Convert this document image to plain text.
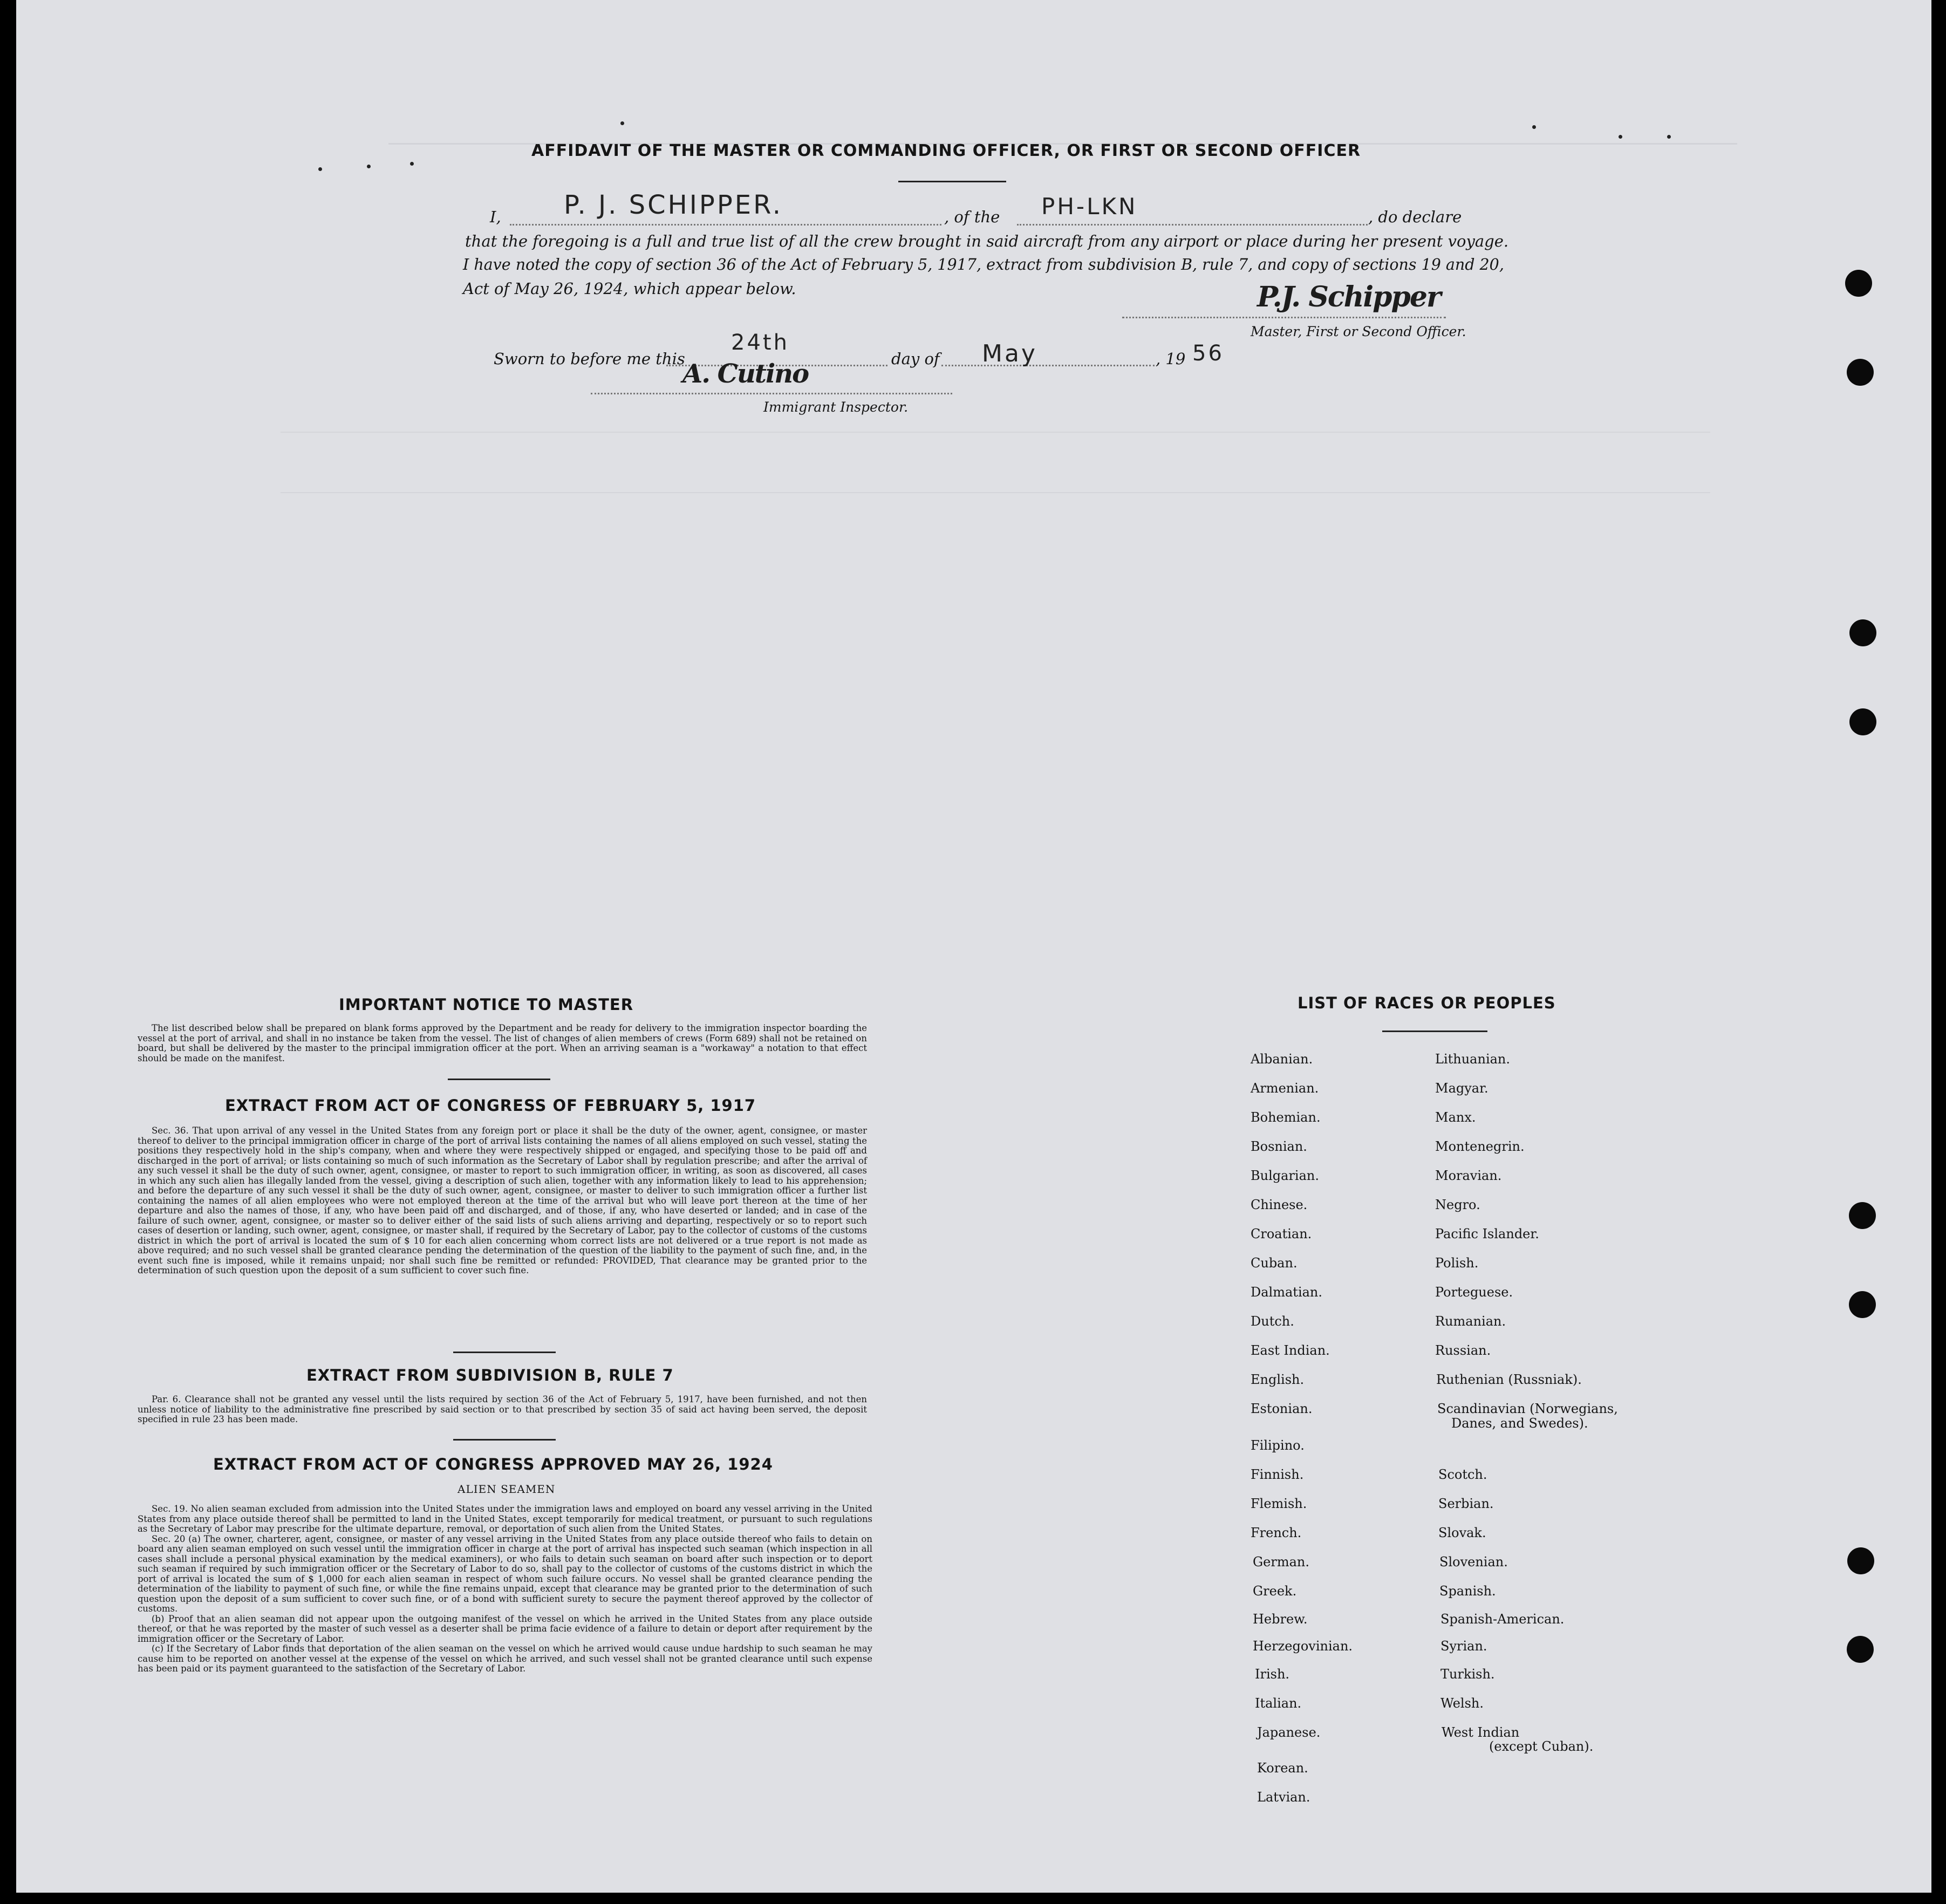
AFFIDAVIT OF THE MASTER OR COMMANDING OFFICER, OR FIRST OR SECOND OFFICER
I, P. J. SCHIPPER.	, of the PH-LKN	, do declare
that the foregoing is a full and true list of all the crew brought in said aircraft from any airport or place during her present voyage.
I have noted the copy of section 36 of the Act of February 5, 1917, extract from subdivision B, rule 7, and copy of sections 19 and 20,
Act of May 26, 1924, which appear below.	P.J. Schipper
Master, First or Second Officer.
Sworn to before me this
24th
day of May	, 19 56
A. Cutino
Immigrant Inspector.
IMPORTANT NOTICE TO MASTER
The list described below shall be prepared on blank forms approved by the Department and be ready for delivery to the immigration inspector boarding the vessel at the port of arrival, and shall in no instance be taken from the vessel. The list of changes of alien members of crews (Form 689) shall not be retained on board, but shall be delivered by the master to the principal immigration officer at the port. When an arriving seaman is a "workaway" a notation to that effect should be made on the manifest.
EXTRACT FROM ACT OF CONGRESS OF FEBRUARY 5, 1917
Sec. 36. That upon arrival of any vessel in the United States from any foreign port or place it shall be the duty of the owner, agent, consignee, or master thereof to deliver to the principal immigration officer in charge of the port of arrival lists containing the names of all aliens employed on such vessel, stating the positions they respectively hold in the ship's company, when and where they were respectively shipped or engaged, and specifying those to be paid off and discharged in the port of arrival; or lists containing so much of such information as the Secretary of Labor shall by regulation prescribe; and after the arrival of any such vessel it shall be the duty of such owner, agent, consignee, or master to report to such immigration officer, in writing, as soon as discovered, all cases in which any such alien has illegally landed from the vessel, giving a description of such alien, together with any information likely to lead to his apprehension; and before the departure of any such vessel it shall be the duty of such owner, agent, consignee, or master to deliver to such immigration officer a further list containing the names of all alien employees who were not employed thereon at the time of the arrival but who will leave port thereon at the time of her departure and also the names of those, if any, who have been paid off and discharged, and of those, if any, who have deserted or landed; and in case of the failure of such owner, agent, consignee, or master so to deliver either of the said lists of such aliens arriving and departing, respectively or so to report such cases of desertion or landing, such owner, agent, consignee, or master shall, if required by the Secretary of Labor, pay to the collector of customs of the customs district in which the port of arrival is located the sum of $ 10 for each alien concerning whom correct lists are not delivered or a true report is not made as above required; and no such vessel shall be granted clearance pending the determination of the question of the liability to the payment of such fine, and, in the event such fine is imposed, while it remains unpaid; nor shall such fine be remitted or refunded: PROVIDED, That clearance may be granted prior to the determination of such question upon the deposit of a sum sufficient to cover such fine.
EXTRACT FROM SUBDIVISION B, RULE 7
Par. 6. Clearance shall not be granted any vessel until the lists required by section 36 of the Act of February 5, 1917, have been furnished, and not then unless notice of liability to the administrative fine prescribed by said section or to that prescribed by section 35 of said act having been served, the deposit specified in rule 23 has been made.
EXTRACT FROM ACT OF CONGRESS APPROVED MAY 26, 1924
ALIEN SEAMEN

Sec. 19. No alien seaman excluded from admission into the United States under the immigration laws and employed on board any vessel arriving in the United States from any place outside thereof shall be permitted to land in the United States, except temporarily for medical treatment, or pursuant to such regulations as the Secretary of Labor may prescribe for the ultimate departure, removal, or deportation of such alien from the United States.

Sec. 20 (a) The owner, charterer, agent, consignee, or master of any vessel arriving in the United States from any place outside thereof who fails to detain on board any alien seaman employed on such vessel until the immigration officer in charge at the port of arrival has inspected such seaman (which inspection in all cases shall include a personal physical examination by the medical examiners), or who fails to detain such seaman on board after such inspection or to deport such seaman if required by such immigration officer or the Secretary of Labor to do so, shall pay to the collector of customs of the customs district in which the port of arrival is located the sum of $ 1,000 for each alien seaman in respect of whom such failure occurs. No vessel shall be granted clearance pending the determination of the liability to payment of such fine, or while the fine remains unpaid, except that clearance may be granted prior to the determination of such question upon the deposit of a sum sufficient to cover such fine, or of a bond with sufficient surety to secure the payment thereof approved by the collector of customs.

(b) Proof that an alien seaman did not appear upon the outgoing manifest of the vessel on which he arrived in the United States from any place outside thereof, or that he was reported by the master of such vessel as a deserter shall be prima facie evidence of a failure to detain or deport after requirement by the immigration officer or the Secretary of Labor.

(c) If the Secretary of Labor finds that deportation of the alien seaman on the vessel on which he arrived would cause undue hardship to such seaman he may cause him to be reported on another vessel at the expense of the vessel on which he arrived, and such vessel shall not be granted clearance until such expense has been paid or its payment guaranteed to the satisfaction of the Secretary of Labor.

LIST OF RACES OR PEOPLES
Albanian.
Armenian.
Bohemian.
Bosnian.
Bulgarian.
Chinese.
Croatian.
Cuban.
Dalmatian.
Dutch.
East Indian.
English.
Estonian.
Filipino.
Finnish.
Flemish.
French.
German.
Greek.
Hebrew.
Herzegovinian.
Irish.
Italian.
Japanese.
Korean.
Latvian.
Lithuanian.
Magyar.
Manx.
Montenegrin.
Moravian.
Negro.
Pacific Islander.
Polish.
Porteguese.
Rumanian.
Russian.
Ruthenian (Russniak).
Scandinavian (Norwegians,
Danes, and Swedes).
Scotch.
Serbian.
Slovak.
Slovenian.
Spanish.
Spanish-American.
Syrian.
Turkish.
Welsh.
West Indian
(except Cuban).
